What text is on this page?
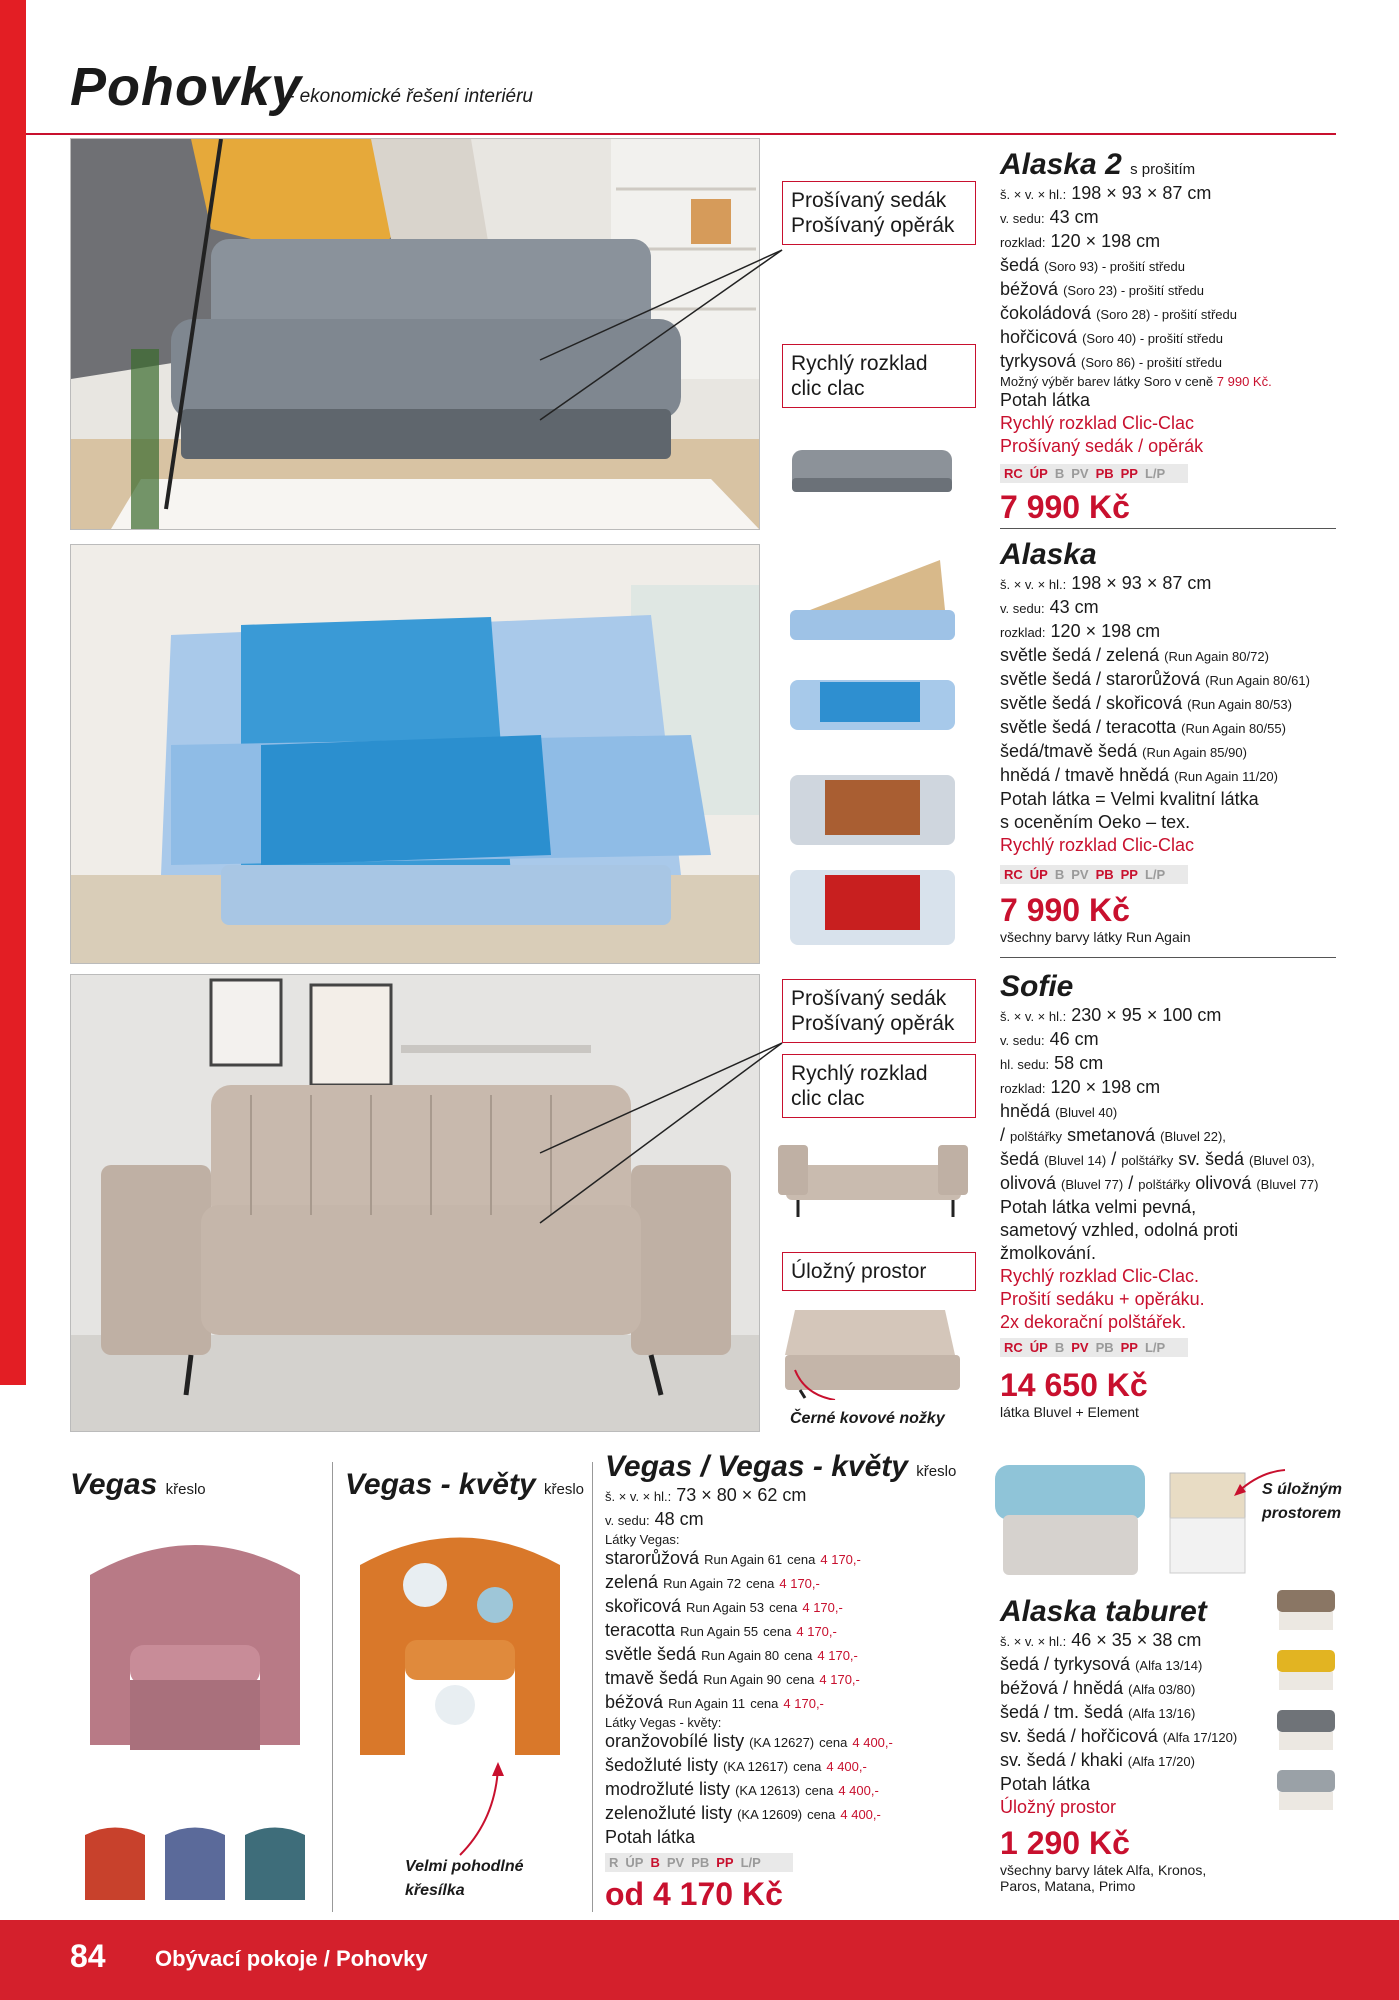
Pohovky
- ekonomické řešení interiéru
Prošívaný sedák
Prošívaný opěrák
Rychlý rozklad
clic clac
Alaska 2 s prošitím
š. × v. × hl.: 198 × 93 × 87 cm
v. sedu: 43 cm
rozklad: 120 × 198 cm
šedá (Soro 93) - prošití středu
béžová (Soro 23) - prošití středu
čokoládová (Soro 28) - prošití středu
hořčicová (Soro 40) - prošití středu
tyrkysová (Soro 86) - prošití středu
Možný výběr barev látky Soro v ceně 7 990 Kč.
Potah látka
Rychlý rozklad Clic-Clac
Prošívaný sedák / opěrák
RC ÚP B PV PB PP L/P
7 990 Kč
Alaska
š. × v. × hl.: 198 × 93 × 87 cm
v. sedu: 43 cm
rozklad: 120 × 198 cm
světle šedá / zelená (Run Again 80/72)
světle šedá / starorůžová (Run Again 80/61)
světle šedá / skořicová (Run Again 80/53)
světle šedá / teracotta (Run Again 80/55)
šedá/tmavě šedá (Run Again 85/90)
hnědá / tmavě hnědá (Run Again 11/20)
Potah látka = Velmi kvalitní látka
s oceněním Oeko – tex.
Rychlý rozklad Clic-Clac
RC ÚP B PV PB PP L/P
7 990 Kč
všechny barvy látky Run Again
Prošívaný sedák
Prošívaný opěrák
Rychlý rozklad
clic clac
Úložný prostor
Černé kovové nožky
Sofie
š. × v. × hl.: 230 × 95 × 100 cm
v. sedu: 46 cm
hl. sedu: 58 cm
rozklad: 120 × 198 cm
hnědá (Bluvel 40)
/ polštářky smetanová (Bluvel 22),
šedá (Bluvel 14) / polštářky sv. šedá (Bluvel 03),
olivová (Bluvel 77) / polštářky olivová (Bluvel 77)
Potah látka velmi pevná,
sametový vzhled, odolná proti
žmolkování.
Rychlý rozklad Clic-Clac.
Prošití sedáku + opěráku.
2x dekorační polštářek.
RC ÚP B PV PB PP L/P
14 650 Kč
látka Bluvel + Element
Vegas křeslo	Vegas - květy křeslo
Velmi pohodlné
křesílka
Vegas / Vegas - květy křeslo
š. × v. × hl.: 73 × 80 × 62 cm
v. sedu: 48 cm
Látky Vegas:
starorůžová Run Again 61 cena 4 170,-
zelená Run Again 72 cena 4 170,-
skořicová Run Again 53 cena 4 170,-
teracotta Run Again 55 cena 4 170,-
světle šedá Run Again 80 cena 4 170,-
tmavě šedá Run Again 90 cena 4 170,-
béžová Run Again 11 cena 4 170,-
Látky Vegas - květy:
oranžovobílé listy (KA 12627) cena 4 400,-
šedožluté listy (KA 12617) cena 4 400,-
modrožluté listy (KA 12613) cena 4 400,-
zelenožluté listy (KA 12609) cena 4 400,-
Potah látka
R ÚP B PV PB PP L/P
od 4 170 Kč
S úložným
prostorem
Alaska taburet
š. × v. × hl.: 46 × 35 × 38 cm
šedá / tyrkysová (Alfa 13/14)
béžová / hnědá (Alfa 03/80)
šedá / tm. šedá (Alfa 13/16)
sv. šedá / hořčicová (Alfa 17/120)
sv. šedá / khaki (Alfa 17/20)
Potah látka
Úložný prostor
1 290 Kč
všechny barvy látek Alfa, Kronos,
Paros, Matana, Primo
84 Obývací pokoje / Pohovky
